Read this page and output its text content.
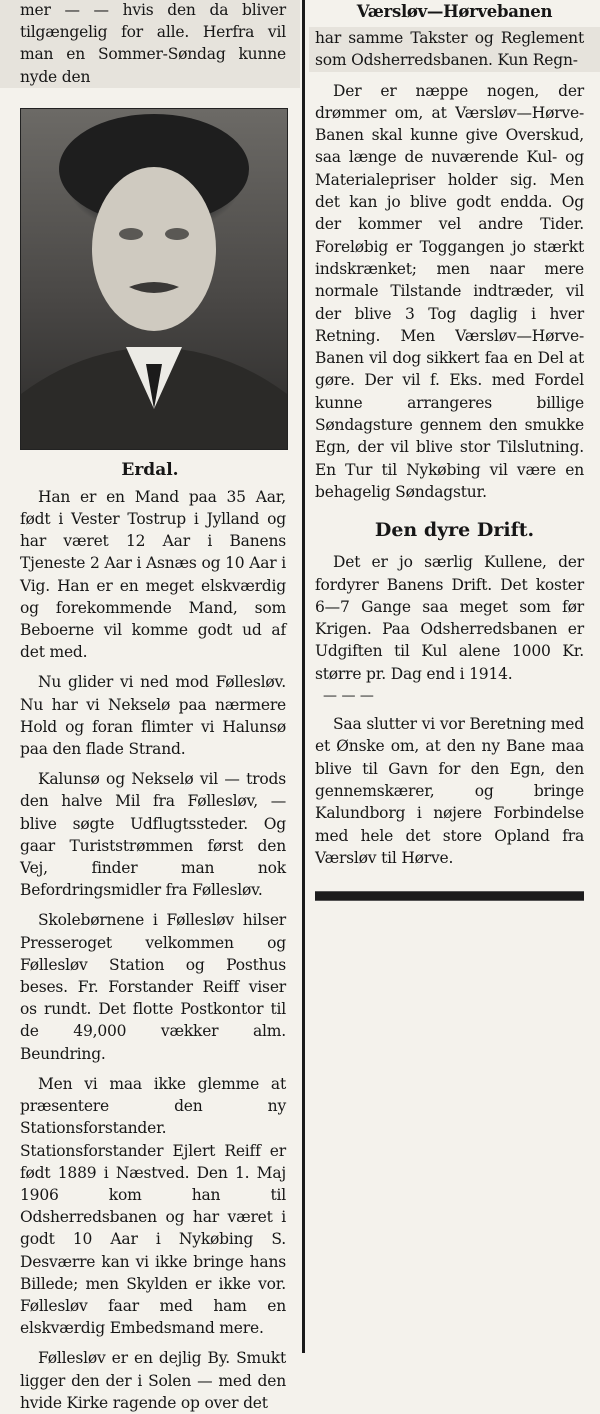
mer — — hvis den da bliver tilgængelig for alle. Herfra vil man en Sommer-Søndag kunne nyde den

Erdal.

Han er en Mand paa 35 Aar, født i Vester Tostrup i Jylland og har været 12 Aar i Banens Tjeneste 2 Aar i Asnæs og 10 Aar i Vig. Han er en meget elskværdig og forekommende Mand, som Beboerne vil komme godt ud af det med.

Nu glider vi ned mod Føllesløv. Nu har vi Nekselø paa nærmere Hold og foran flimter vi Halunsø paa den flade Strand.

Kalunsø og Nekselø vil — trods den halve Mil fra Føllesløv, — blive søgte Udflugtssteder. Og gaar Turiststrømmen først den Vej, finder man nok Befordringsmidler fra Føllesløv.

Skolebørnene i Føllesløv hilser Presseroget velkommen og Føllesløv Station og Posthus beses. Fr. Forstander Reiff viser os rundt. Det flotte Postkontor til de 49,000 vækker alm. Beundring.

Men vi maa ikke glemme at præsentere den ny Stationsforstander. Stationsforstander Ejlert Reiff er født 1889 i Næstved. Den 1. Maj 1906 kom han til Odsherredsbanen og har været i godt 10 Aar i Nykøbing S. Desværre kan vi ikke bringe hans Billede; men Skylden er ikke vor. Føllesløv faar med ham en elskværdig Embedsmand mere.

Føllesløv er en dejlig By. Smukt ligger den der i Solen — med den hvide Kirke ragende op over det

Værsløv—Hørvebanen

har samme Takster og Reglement som Odsherredsbanen. Kun Regn-

Der er næppe nogen, der drømmer om, at Værsløv—Hørve-Banen skal kunne give Overskud, saa længe de nuværende Kul- og Materialepriser holder sig. Men det kan jo blive godt endda. Og der kommer vel andre Tider. Foreløbig er Toggangen jo stærkt indskrænket; men naar mere normale Tilstande indtræder, vil der blive 3 Tog daglig i hver Retning. Men Værsløv—Hørve-Banen vil dog sikkert faa en Del at gøre. Der vil f. Eks. med Fordel kunne arrangeres billige Søndagsture gennem den smukke Egn, der vil blive stor Tilslutning. En Tur til Nykøbing vil være en behagelig Søndagstur.

Den dyre Drift.

Det er jo særlig Kullene, der fordyrer Banens Drift. Det koster 6—7 Gange saa meget som før Krigen. Paa Odsherredsbanen er Udgiften til Kul alene 1000 Kr. større pr. Dag end i 1914.

— — —

Saa slutter vi vor Beretning med et Ønske om, at den ny Bane maa blive til Gavn for den Egn, den gennemskærer, og bringe Kalundborg i nøjere Forbindelse med hele det store Opland fra Værsløv til Hørve.
